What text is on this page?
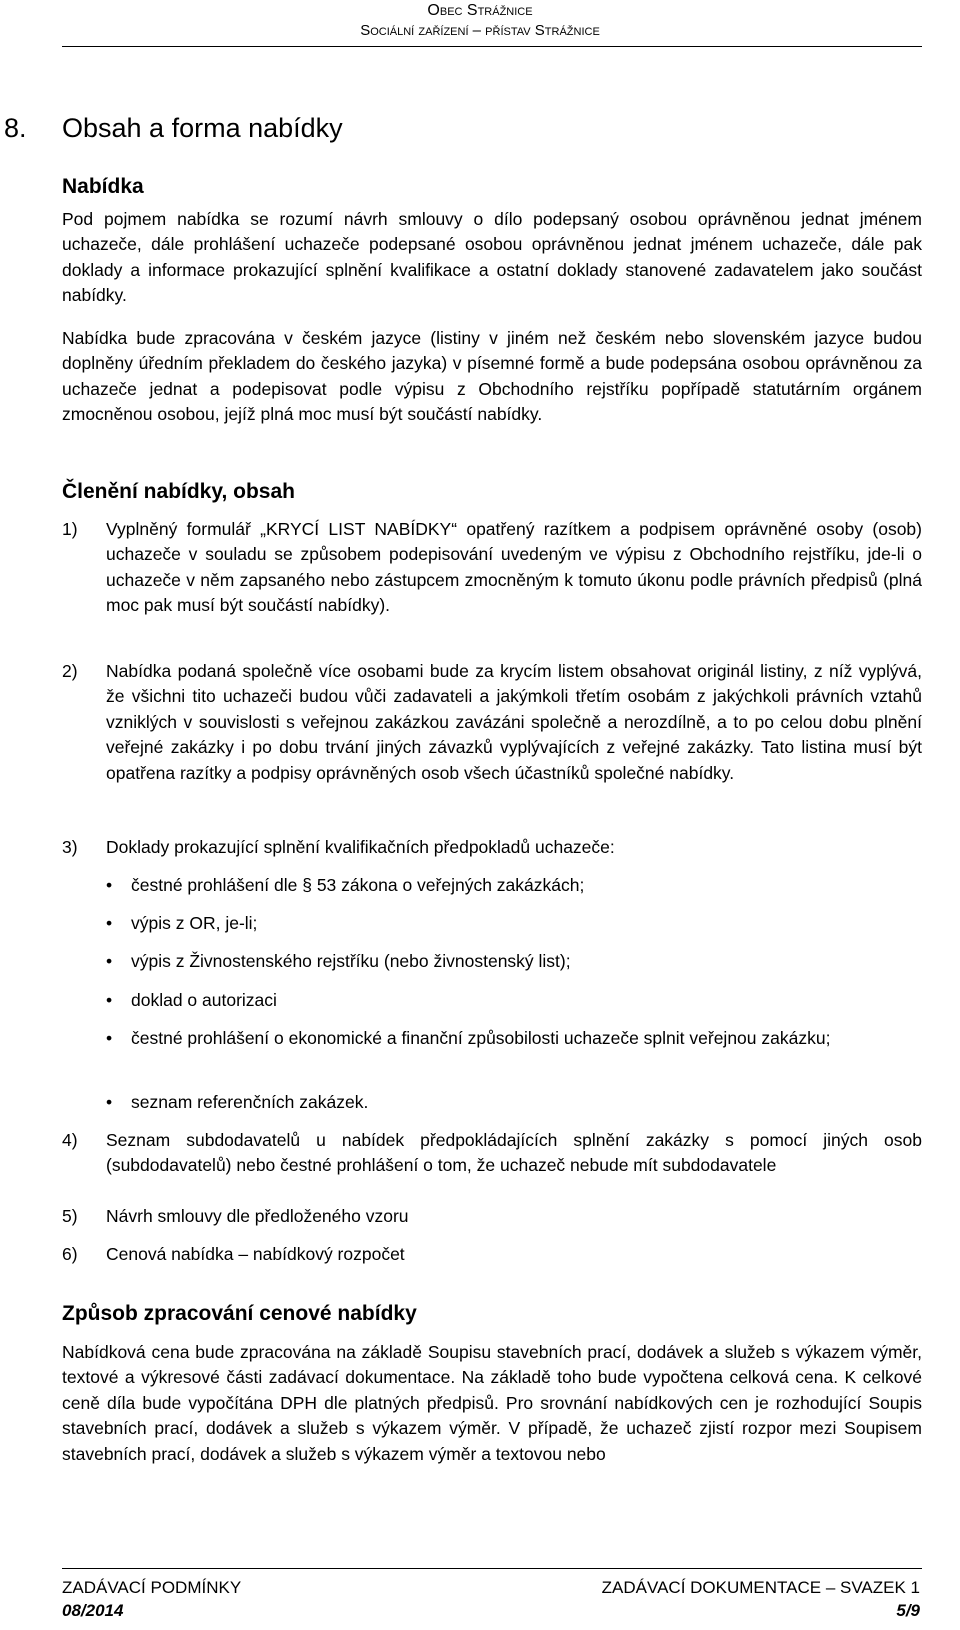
Obec Strážnice
Sociální zařízení – přístav Strážnice
8. Obsah a forma nabídky
Nabídka
Pod pojmem nabídka se rozumí návrh smlouvy o dílo podepsaný osobou oprávněnou jednat jménem uchazeče, dále prohlášení uchazeče podepsané osobou oprávněnou jednat jménem uchazeče, dále pak doklady a informace prokazující splnění kvalifikace a ostatní doklady stanovené zadavatelem jako součást nabídky.
Nabídka bude zpracována v českém jazyce (listiny v jiném než českém nebo slovenském jazyce budou doplněny úředním překladem do českého jazyka) v písemné formě a bude podepsána osobou oprávněnou za uchazeče jednat a podepisovat podle výpisu z Obchodního rejstříku popřípadě statutárním orgánem zmocněnou osobou, jejíž plná moc musí být součástí nabídky.
Členění nabídky, obsah
1) Vyplněný formulář „KRYCÍ LIST NABÍDKY“ opatřený razítkem a podpisem oprávněné osoby (osob) uchazeče v souladu se způsobem podepisování uvedeným ve výpisu z Obchodního rejstříku, jde-li o uchazeče v něm zapsaného nebo zástupcem zmocněným k tomuto úkonu podle právních předpisů (plná moc pak musí být součástí nabídky).
2) Nabídka podaná společně více osobami bude za krycím listem obsahovat originál listiny, z níž vyplývá, že všichni tito uchazeči budou vůči zadavateli a jakýmkoli třetím osobám z jakýchkoli právních vztahů vzniklých v souvislosti s veřejnou zakázkou zavázáni společně a nerozdílně, a to po celou dobu plnění veřejné zakázky i po dobu trvání jiných závazků vyplývajících z veřejné zakázky. Tato listina musí být opatřena razítky a podpisy oprávněných osob všech účastníků společné nabídky.
3) Doklady prokazující splnění kvalifikačních předpokladů uchazeče:
• čestné prohlášení dle § 53 zákona o veřejných zakázkách;
• výpis z OR, je-li;
• výpis z Živnostenského rejstříku (nebo živnostenský list);
• doklad o autorizaci
• čestné prohlášení o ekonomické a finanční způsobilosti uchazeče splnit veřejnou zakázku;
• seznam referenčních zakázek.
4) Seznam subdodavatelů u nabídek předpokládajících splnění zakázky s pomocí jiných osob (subdodavatelů) nebo čestné prohlášení o tom, že uchazeč nebude mít subdodavatele
5) Návrh smlouvy dle předloženého vzoru
6) Cenová nabídka – nabídkový rozpočet
Způsob zpracování cenové nabídky
Nabídková cena bude zpracována na základě Soupisu stavebních prací, dodávek a služeb s výkazem výměr, textové a výkresové části zadávací dokumentace. Na základě toho bude vypočtena celková cena. K celkové ceně díla bude vypočítána DPH dle platných předpisů. Pro srovnání nabídkových cen je rozhodující Soupis stavebních prací, dodávek a služeb s výkazem výměr. V případě, že uchazeč zjistí rozpor mezi Soupisem stavebních prací, dodávek a služeb s výkazem výměr a textovou nebo
ZADÁVACÍ PODMÍNKY	ZADÁVACÍ DOKUMENTACE – SVAZEK 1
08/2014	5/9
